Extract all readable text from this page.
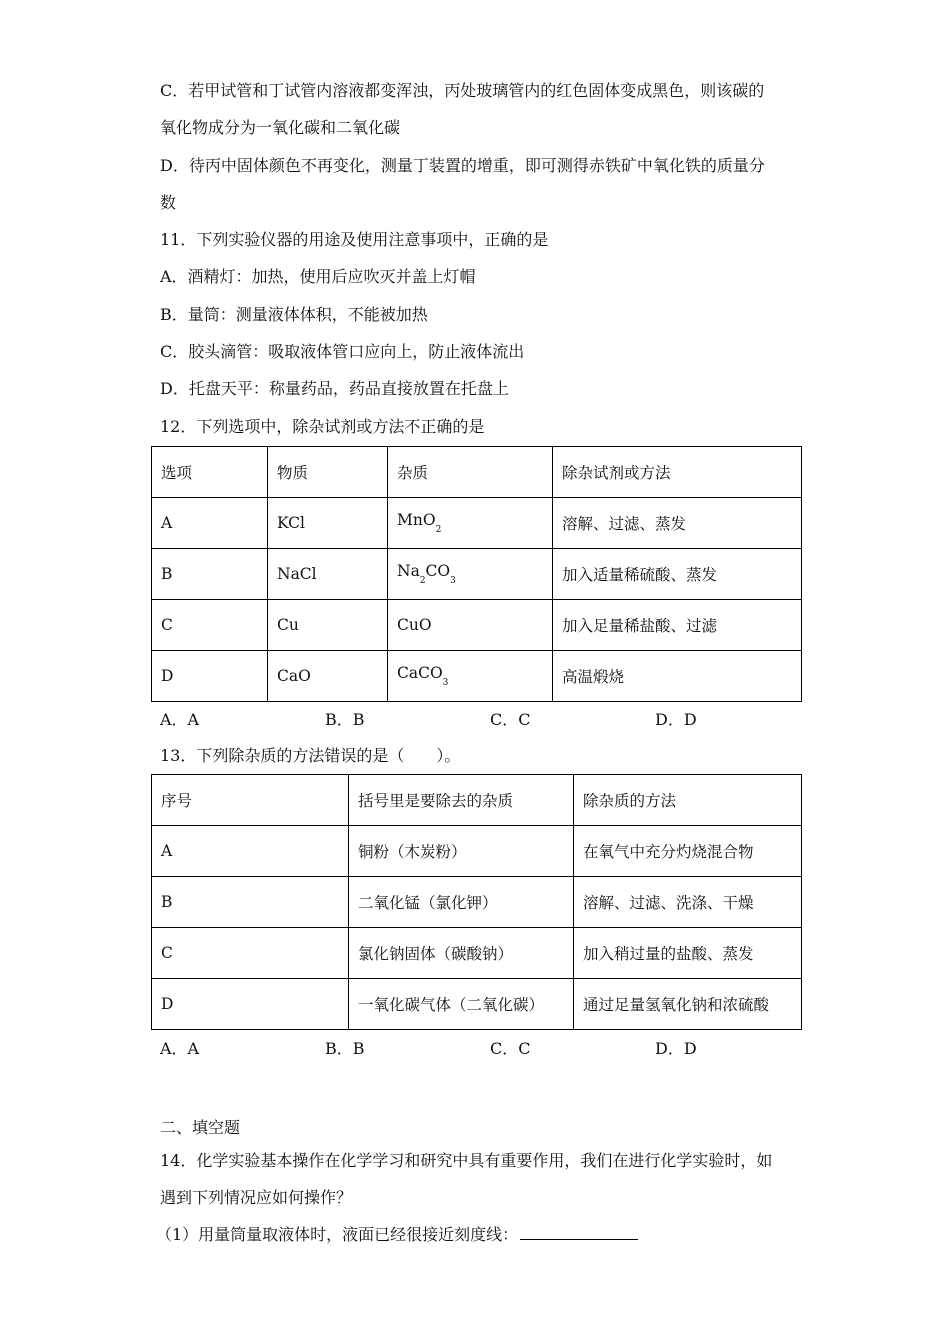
C．若甲试管和丁试管内溶液都变浑浊，丙处玻璃管内的红色固体变成黑色，则该碳的
氧化物成分为一氧化碳和二氧化碳
D．待丙中固体颜色不再变化，测量丁装置的增重，即可测得赤铁矿中氧化铁的质量分
数
11．下列实验仪器的用途及使用注意事项中，正确的是
A．酒精灯：加热，使用后应吹灭并盖上灯帽
B．量筒：测量液体体积，不能被加热
C．胶头滴管：吸取液体管口应向上，防止液体流出
D．托盘天平：称量药品，药品直接放置在托盘上
12．下列选项中，除杂试剂或方法不正确的是
选项	物质	杂质	除杂试剂或方法
A	KCl	MnO$_2$	溶解、过滤、蒸发
B	NaCl	$Na_2CO_3$	加入适量稀硫酸、蒸发
C	Cu	CuO	加入足量稀盐酸、过滤
D	CaO	CaCO$_3$	高温煅烧
A．A	B．B	C．C	D．D
13．下列除杂质的方法错误的是（　　）。
序号	括号里是要除去的杂质	除杂质的方法
A	铜粉（木炭粉）	在氧气中充分灼烧混合物
B	二氧化锰（氯化钾）	溶解、过滤、洗涤、干燥
C	氯化钠固体（碳酸钠）	加入稍过量的盐酸、蒸发
D	一氧化碳气体（二氧化碳）	通过足量氢氧化钠和浓硫酸
A．A	B．B	C．C	D．D
二、填空题
14．化学实验基本操作在化学学习和研究中具有重要作用，我们在进行化学实验时，如
遇到下列情况应如何操作？
（1）用量筒量取液体时，液面已经很接近刻度线：
